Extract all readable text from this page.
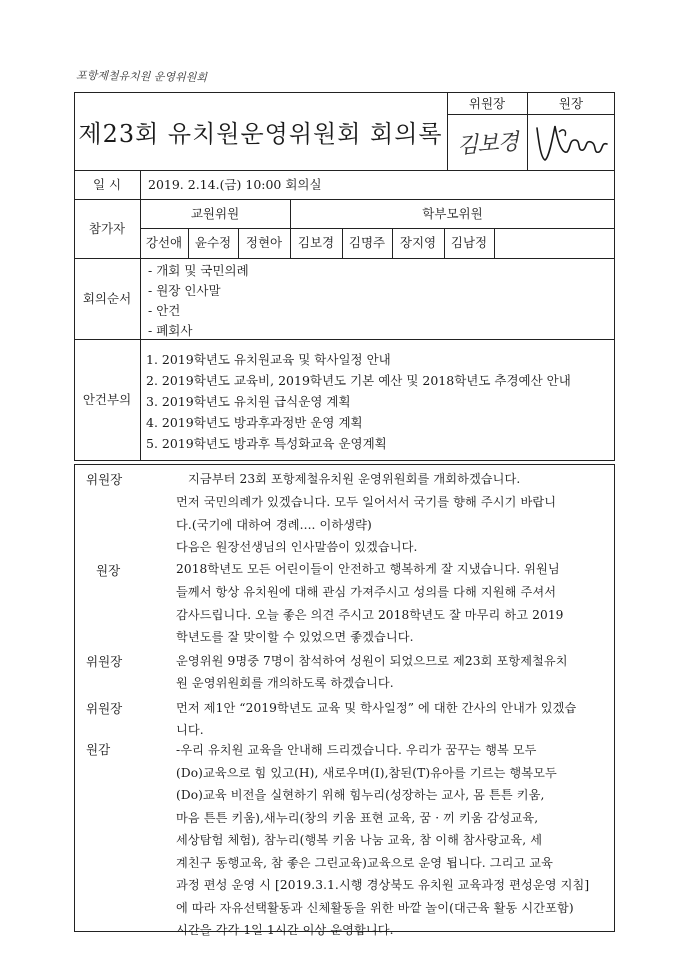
포항제철유치원 운영위원회
제23회 유치원운영위원회 회의록
위원장	원장
김보경
일 시 2019. 2.14.(금) 10:00 회의실
참가자
교원위원	학부모위원
강선애 윤수정 정현아 김보경 김명주 장지영 김남정
회의순서
- 개회 및 국민의례
- 원장 인사말
- 안건
- 폐회사
안건부의
1. 2019학년도 유치원교육 및 학사일정 안내
2. 2019학년도 교육비, 2019학년도 기본 예산 및 2018학년도 추경예산 안내
3. 2019학년도 유치원 급식운영 계획
4. 2019학년도 방과후과정반 운영 계획
5. 2019학년도 방과후 특성화교육 운영계획
위원장
원장
위원장
위원장
원감
지금부터 23회 포항제철유치원 운영위원회를 개회하겠습니다.
먼저 국민의례가 있겠습니다. 모두 일어서서 국기를 향해 주시기 바랍니
다.(국기에 대하여 경례.... 이하생략)
다음은 원장선생님의 인사말씀이 있겠습니다.
2018학년도 모든 어린이들이 안전하고 행복하게 잘 지냈습니다. 위원님
들께서 항상 유치원에 대해 관심 가져주시고 성의를 다해 지원해 주셔서
감사드립니다. 오늘 좋은 의견 주시고 2018학년도 잘 마무리 하고 2019
학년도를 잘 맞이할 수 있었으면 좋겠습니다.
운영위원 9명중 7명이 참석하여 성원이 되었으므로 제23회 포항제철유치
원 운영위원회를 개의하도록 하겠습니다.
먼저 제1안 “2019학년도 교육 및 학사일정” 에 대한 간사의 안내가 있겠습
니다.
-우리 유치원 교육을 안내해 드리겠습니다. 우리가 꿈꾸는 행복 모두
(Do)교육으로 힘 있고(H), 새로우며(I),참된(T)유아를 기르는 행복모두
(Do)교육 비전을 실현하기 위해 힘누리(성장하는 교사, 몸 튼튼 키움,
마음 튼튼 키움),새누리(창의 키움 표현 교육, 꿈 · 끼 키움 감성교육,
세상탐험 체험), 참누리(행복 키움 나눔 교육, 참 이해 참사랑교육, 세
계친구 동행교육, 참 좋은 그린교육)교육으로 운영 됩니다. 그리고 교육
과정 편성 운영 시 [2019.3.1.시행 경상북도 유치원 교육과정 편성운영 지침]
에 따라 자유선택활동과 신체활동을 위한 바깥 놀이(대근육 활동 시간포함)
시간을 각각 1일 1시간 이상 운영합니다.
